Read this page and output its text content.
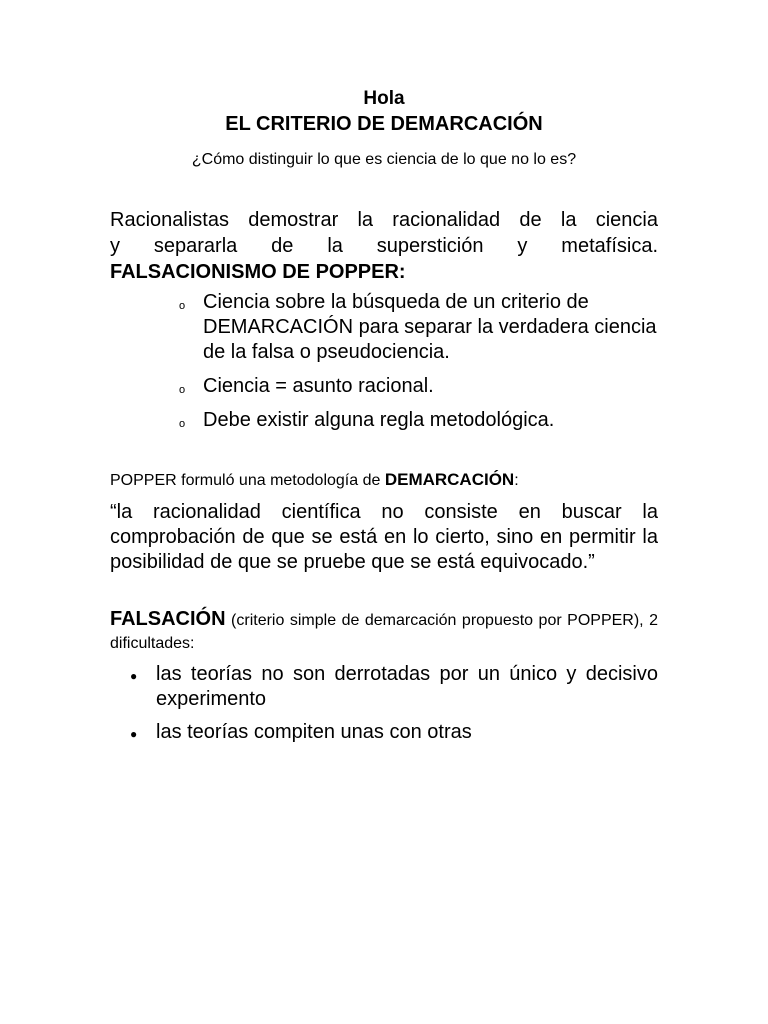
Hola
EL CRITERIO DE DEMARCACIÓN
¿Cómo distinguir lo que es ciencia de lo que no lo es?
Racionalistas demostrar la racionalidad de la ciencia
y separarla de la superstición y metafísica.
FALSACIONISMO DE POPPER:
o Ciencia sobre la búsqueda de un criterio de DEMARCACIÓN para separar la verdadera ciencia de la falsa o pseudociencia.
o Ciencia = asunto racional.
o Debe existir alguna regla metodológica.
POPPER formuló una metodología de DEMARCACIÓN:
“la racionalidad científica no consiste en buscar la comprobación de que se está en lo cierto, sino en permitir la posibilidad de que se pruebe que se está equivocado.”
FALSACIÓN (criterio simple de demarcación propuesto por POPPER), 2 dificultades:
● las teorías no son derrotadas por un único y decisivo experimento
● las teorías compiten unas con otras
